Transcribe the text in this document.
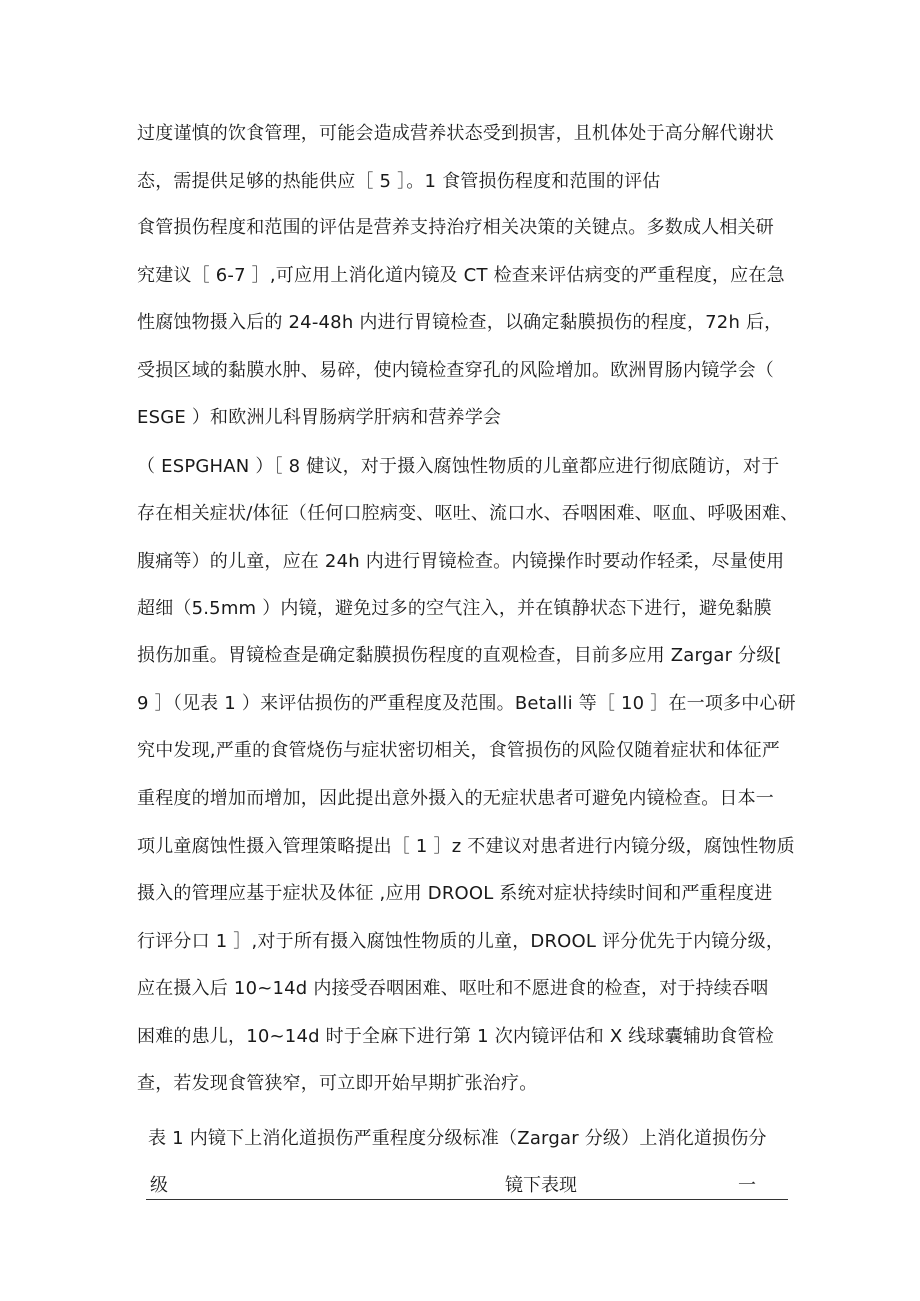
过度谨慎的饮食管理，可能会造成营养状态受到损害，且机体处于高分解代谢状
态，需提供足够的热能供应［ 5 ］。1 食管损伤程度和范围的评估
食管损伤程度和范围的评估是营养支持治疗相关决策的关键点。多数成人相关研
究建议［ 6-7 ］,可应用上消化道内镜及 CT 检查来评估病变的严重程度，应在急
性腐蚀物摄入后的 24-48h 内进行胃镜检查，以确定黏膜损伤的程度，72h 后，
受损区域的黏膜水肿、易碎，使内镜检查穿孔的风险增加。欧洲胃肠内镜学会（
ESGE ）和欧洲儿科胃肠病学肝病和营养学会
（ ESPGHAN ）［ 8 健议，对于摄入腐蚀性物质的儿童都应进行彻底随访，对于
存在相关症状/体征（任何口腔病变、呕吐、流口水、吞咽困难、呕血、呼吸困难、
腹痛等）的儿童，应在 24h 内进行胃镜检查。内镜操作时要动作轻柔，尽量使用
超细（5.5mm ）内镜，避免过多的空气注入，并在镇静状态下进行，避免黏膜
损伤加重。胃镜检查是确定黏膜损伤程度的直观检查，目前多应用 Zargar 分级[
9 ］（见表 1 ）来评估损伤的严重程度及范围。Betalli 等［ 10 ］在一项多中心研
究中发现,严重的食管烧伤与症状密切相关，食管损伤的风险仅随着症状和体征严
重程度的增加而增加，因此提出意外摄入的无症状患者可避免内镜检查。日本一
项儿童腐蚀性摄入管理策略提出［ 1 ］z 不建议对患者进行内镜分级，腐蚀性物质
摄入的管理应基于症状及体征 ,应用 DROOL 系统对症状持续时间和严重程度进
行评分口 1 ］,对于所有摄入腐蚀性物质的儿童，DROOL 评分优先于内镜分级，
应在摄入后 10~14d 内接受吞咽困难、呕吐和不愿进食的检查，对于持续吞咽
困难的患儿，10~14d 时于全麻下进行第 1 次内镜评估和 X 线球囊辅助食管检
查，若发现食管狭窄，可立即开始早期扩张治疗。
表 1 内镜下上消化道损伤严重程度分级标准（Zargar 分级）上消化道损伤分
级	镜下表现	一
